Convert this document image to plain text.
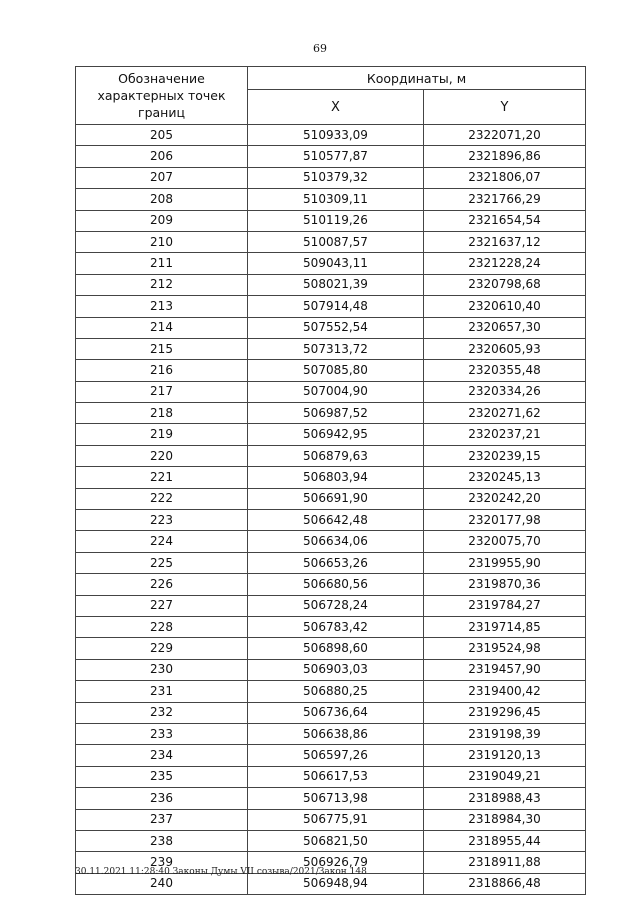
69
Обозначение
характерных точек
границ	Координаты, м	
	X	Y
205	510933,09	2322071,20
206	510577,87	2321896,86
207	510379,32	2321806,07
208	510309,11	2321766,29
209	510119,26	2321654,54
210	510087,57	2321637,12
211	509043,11	2321228,24
212	508021,39	2320798,68
213	507914,48	2320610,40
214	507552,54	2320657,30
215	507313,72	2320605,93
216	507085,80	2320355,48
217	507004,90	2320334,26
218	506987,52	2320271,62
219	506942,95	2320237,21
220	506879,63	2320239,15
221	506803,94	2320245,13
222	506691,90	2320242,20
223	506642,48	2320177,98
224	506634,06	2320075,70
225	506653,26	2319955,90
226	506680,56	2319870,36
227	506728,24	2319784,27
228	506783,42	2319714,85
229	506898,60	2319524,98
230	506903,03	2319457,90
231	506880,25	2319400,42
232	506736,64	2319296,45
233	506638,86	2319198,39
234	506597,26	2319120,13
235	506617,53	2319049,21
236	506713,98	2318988,43
237	506775,91	2318984,30
238	506821,50	2318955,44
239	506926,79	2318911,88
240	506948,94	2318866,48
30.11.2021 11:28:40 Законы Думы VII созыва/2021/Закон 148
